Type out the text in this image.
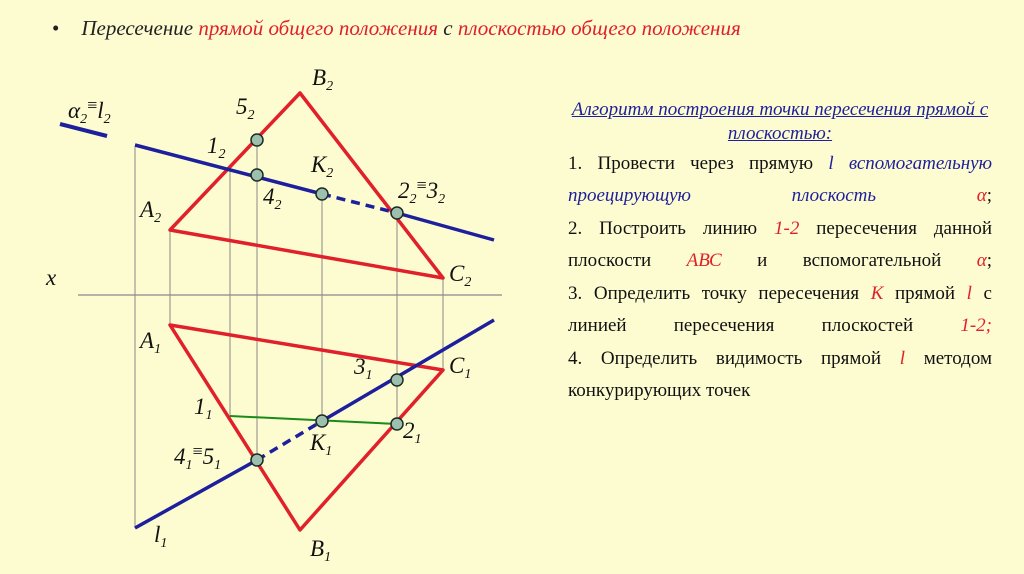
• Пересечение прямой общего положения с плоскостью общего положения
$\alpha_2^\equiv l_2$
$B_2$
$5_2$
$1_2$	$К_2$
$4_2$
$2_2^\equiv 3_2$
$A_2$
x	$C_2$
$A_1$
$3_1$	$C_1$
$1_1$
$2_1$
$К_1$
$4_1^\equiv 5_1$
$l_1$	$B_1$
Алгоритм построения точки пересечения прямой с плоскостью:
1. Провести через прямую l вспомогательную проецирующую плоскость α;
2. Построить линию 1-2 пересечения данной плоскости АВС и вспомогательной α;
3. Определить точку пересечения К прямой l с линией пересечения плоскостей 1-2;
4. Определить видимость прямой l методом конкурирующих точек
